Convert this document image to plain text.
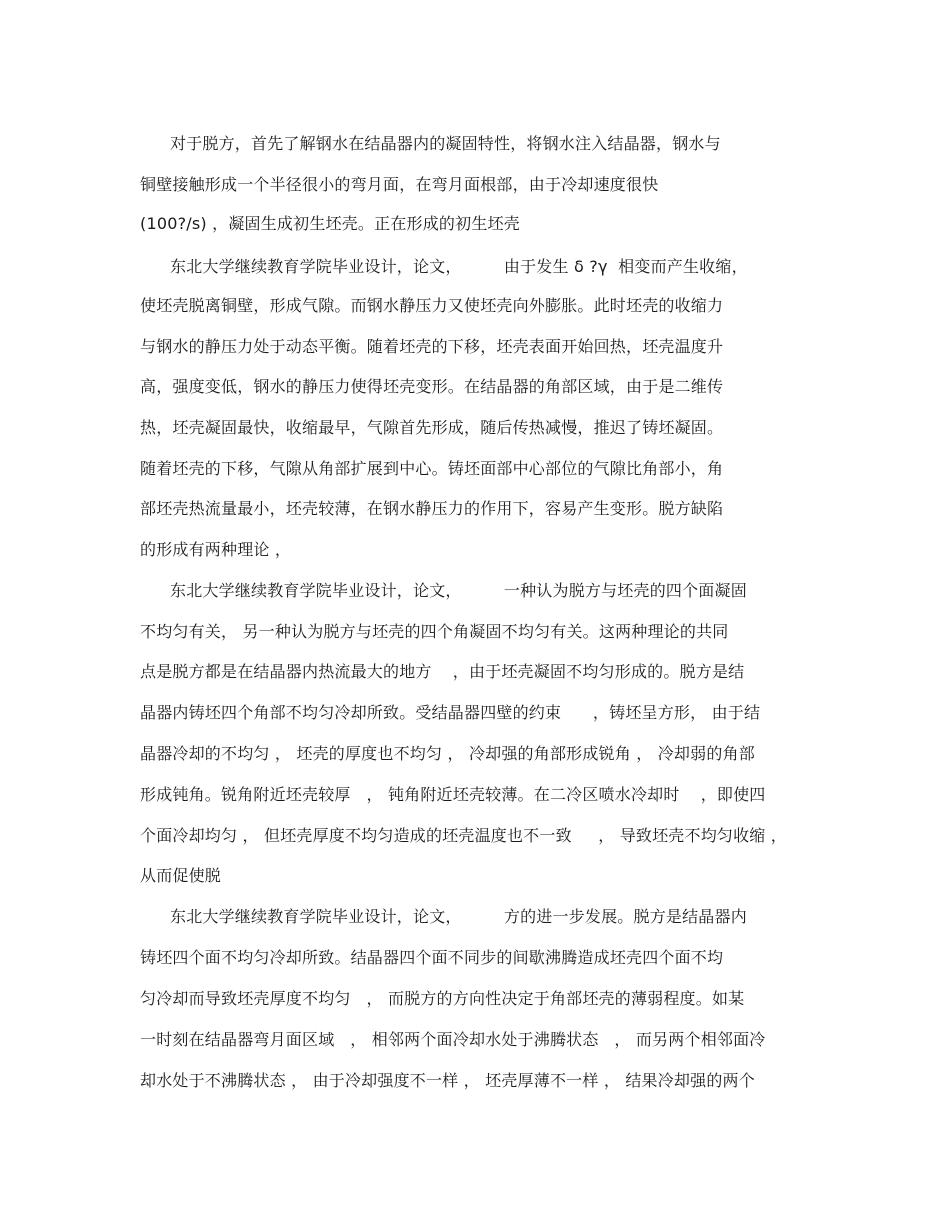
对于脱方，首先了解钢水在结晶器内的凝固特性，将钢水注入结晶器，钢水与
铜壁接触形成一个半径很小的弯月面，在弯月面根部，由于冷却速度很快
(100?/s) ，凝固生成初生坯壳。正在形成的初生坯壳
东北大学继续教育学院毕业设计，论文，        由于发生 δ ?γ  相变而产生收缩，
使坯壳脱离铜壁，形成气隙。而钢水静压力又使坯壳向外膨胀。此时坯壳的收缩力
与钢水的静压力处于动态平衡。随着坯壳的下移，坯壳表面开始回热，坯壳温度升
高，强度变低，钢水的静压力使得坯壳变形。在结晶器的角部区域，由于是二维传
热，坯壳凝固最快，收缩最早，气隙首先形成，随后传热减慢，推迟了铸坯凝固。
随着坯壳的下移，气隙从角部扩展到中心。铸坯面部中心部位的气隙比角部小，角
部坯壳热流量最小，坯壳较薄，在钢水静压力的作用下，容易产生变形。脱方缺陷
的形成有两种理论 ，
东北大学继续教育学院毕业设计，论文，        一种认为脱方与坯壳的四个面凝固
不均匀有关， 另一种认为脱方与坯壳的四个角凝固不均匀有关。这两种理论的共同
点是脱方都是在结晶器内热流最大的地方    ，由于坯壳凝固不均匀形成的。脱方是结
晶器内铸坯四个角部不均匀冷却所致。受结晶器四壁的约束      ，铸坯呈方形， 由于结
晶器冷却的不均匀 ， 坯壳的厚度也不均匀 ， 冷却强的角部形成锐角 ， 冷却弱的角部
形成钝角。锐角附近坯壳较厚   ， 钝角附近坯壳较薄。在二冷区喷水冷却时    ，即使四
个面冷却均匀 ， 但坯壳厚度不均匀造成的坯壳温度也不一致     ， 导致坯壳不均匀收缩 ，
从而促使脱
东北大学继续教育学院毕业设计，论文，        方的进一步发展。脱方是结晶器内
铸坯四个面不均匀冷却所致。结晶器四个面不同步的间歇沸腾造成坯壳四个面不均
匀冷却而导致坯壳厚度不均匀   ， 而脱方的方向性决定于角部坯壳的薄弱程度。如某
一时刻在结晶器弯月面区域   ， 相邻两个面冷却水处于沸腾状态   ， 而另两个相邻面冷
却水处于不沸腾状态 ， 由于冷却强度不一样 ， 坯壳厚薄不一样 ， 结果冷却强的两个
